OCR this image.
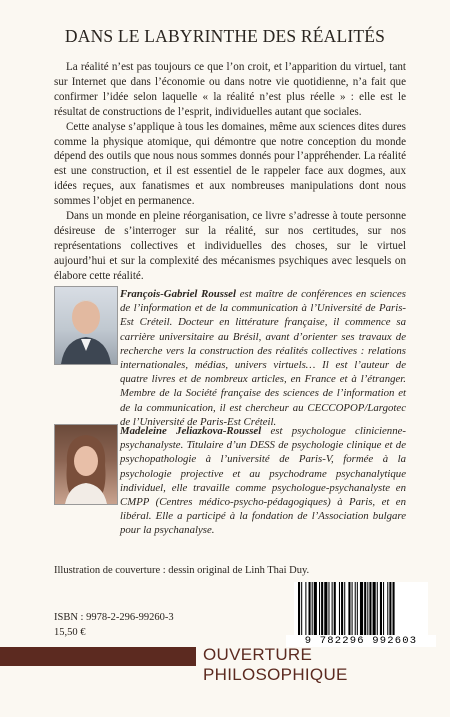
DANS LE LABYRINTHE DES RÉALITÉS

La réalité n’est pas toujours ce que l’on croit, et l’apparition du virtuel, tant sur Internet que dans l’économie ou dans notre vie quotidienne, n’a fait que confirmer l’idée selon laquelle « la réalité n’est plus réelle » : elle est le résultat de constructions de l’esprit, individuelles autant que sociales.

Cette analyse s’applique à tous les domaines, même aux sciences dites dures comme la physique atomique, qui démontre que notre conception du monde dépend des outils que nous nous sommes donnés pour l’appréhender. La réalité est une construction, et il est essentiel de le rappeler face aux dogmes, aux idées reçues, aux fanatismes et aux nombreuses manipulations dont nous sommes l’objet en permanence.

Dans un monde en pleine réorganisation, ce livre s’adresse à toute personne désireuse de s’interroger sur la réalité, sur nos certitudes, sur nos représentations collectives et individuelles des choses, sur le virtuel aujourd’hui et sur la complexité des mécanismes psychiques avec lesquels on élabore cette réalité.

François-Gabriel Roussel est maître de conférences en sciences de l’information et de la communication à l’Université de Paris-Est Créteil. Docteur en littérature française, il commence sa carrière universitaire au Brésil, avant d’orienter ses travaux de recherche vers la construction des réalités collectives : relations internationales, médias, univers virtuels… Il est l’auteur de quatre livres et de nombreux articles, en France et à l’étranger. Membre de la Société française des sciences de l’information et de la communication, il est chercheur au CECCOPOP/Largotec de l’Université de Paris-Est Créteil.

Madeleine Jeliazkova-Roussel est psychologue clinicienne-psychanalyste. Titulaire d’un DESS de psychologie clinique et de psychopathologie à l’université de Paris-V, formée à la psychologie projective et au psychodrame psychanalytique individuel, elle travaille comme psychologue-psychanalyste en CMPP (Centres médico-psycho-pédagogiques) à Paris, et en libéral. Elle a participé à la fondation de l’Association bulgare pour la psychanalyse.

Illustration de couverture : dessin original de Linh Thai Duy.
ISBN : 9978-2-296-99260-3
15,50 €
9 782296 992603
OUVERTURE PHILOSOPHIQUE
